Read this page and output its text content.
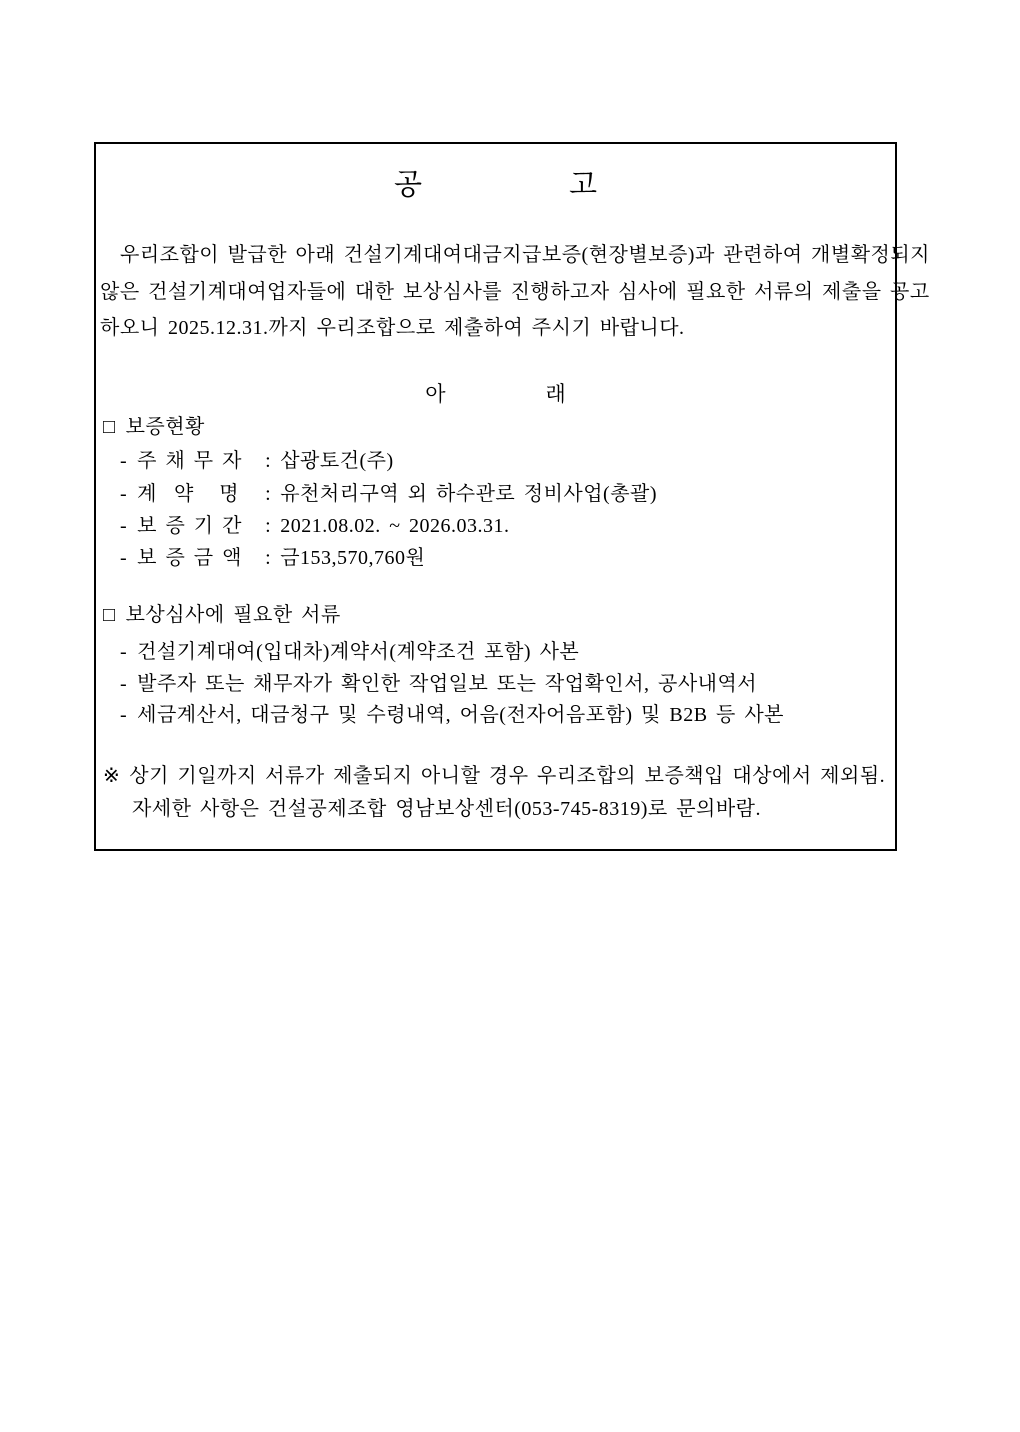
공	고
우리조합이 발급한 아래 건설기계대여대금지급보증(현장별보증)과 관련하여 개별확정되지
않은 건설기계대여업자들에 대한 보상심사를 진행하고자 심사에 필요한 서류의 제출을 공고
하오니 2025.12.31.까지 우리조합으로 제출하여 주시기 바랍니다.
아	래
□ 보증현황
- 주 채 무 자	: 삽광토건(주)
- 계  약   명	: 유천처리구역 외 하수관로 정비사업(총괄)
- 보 증 기 간	: 2021.08.02. ~ 2026.03.31.
- 보 증 금 액	: 금153,570,760원
□ 보상심사에 필요한 서류
- 건설기계대여(입대차)계약서(계약조건 포함) 사본
- 발주자 또는 채무자가 확인한 작업일보 또는 작업확인서, 공사내역서
- 세금계산서, 대금청구 및 수령내역, 어음(전자어음포함) 및 B2B 등 사본
※ 상기 기일까지 서류가 제출되지 아니할 경우 우리조합의 보증책입 대상에서 제외됨.
자세한 사항은 건설공제조합 영남보상센터(053-745-8319)로 문의바람.
